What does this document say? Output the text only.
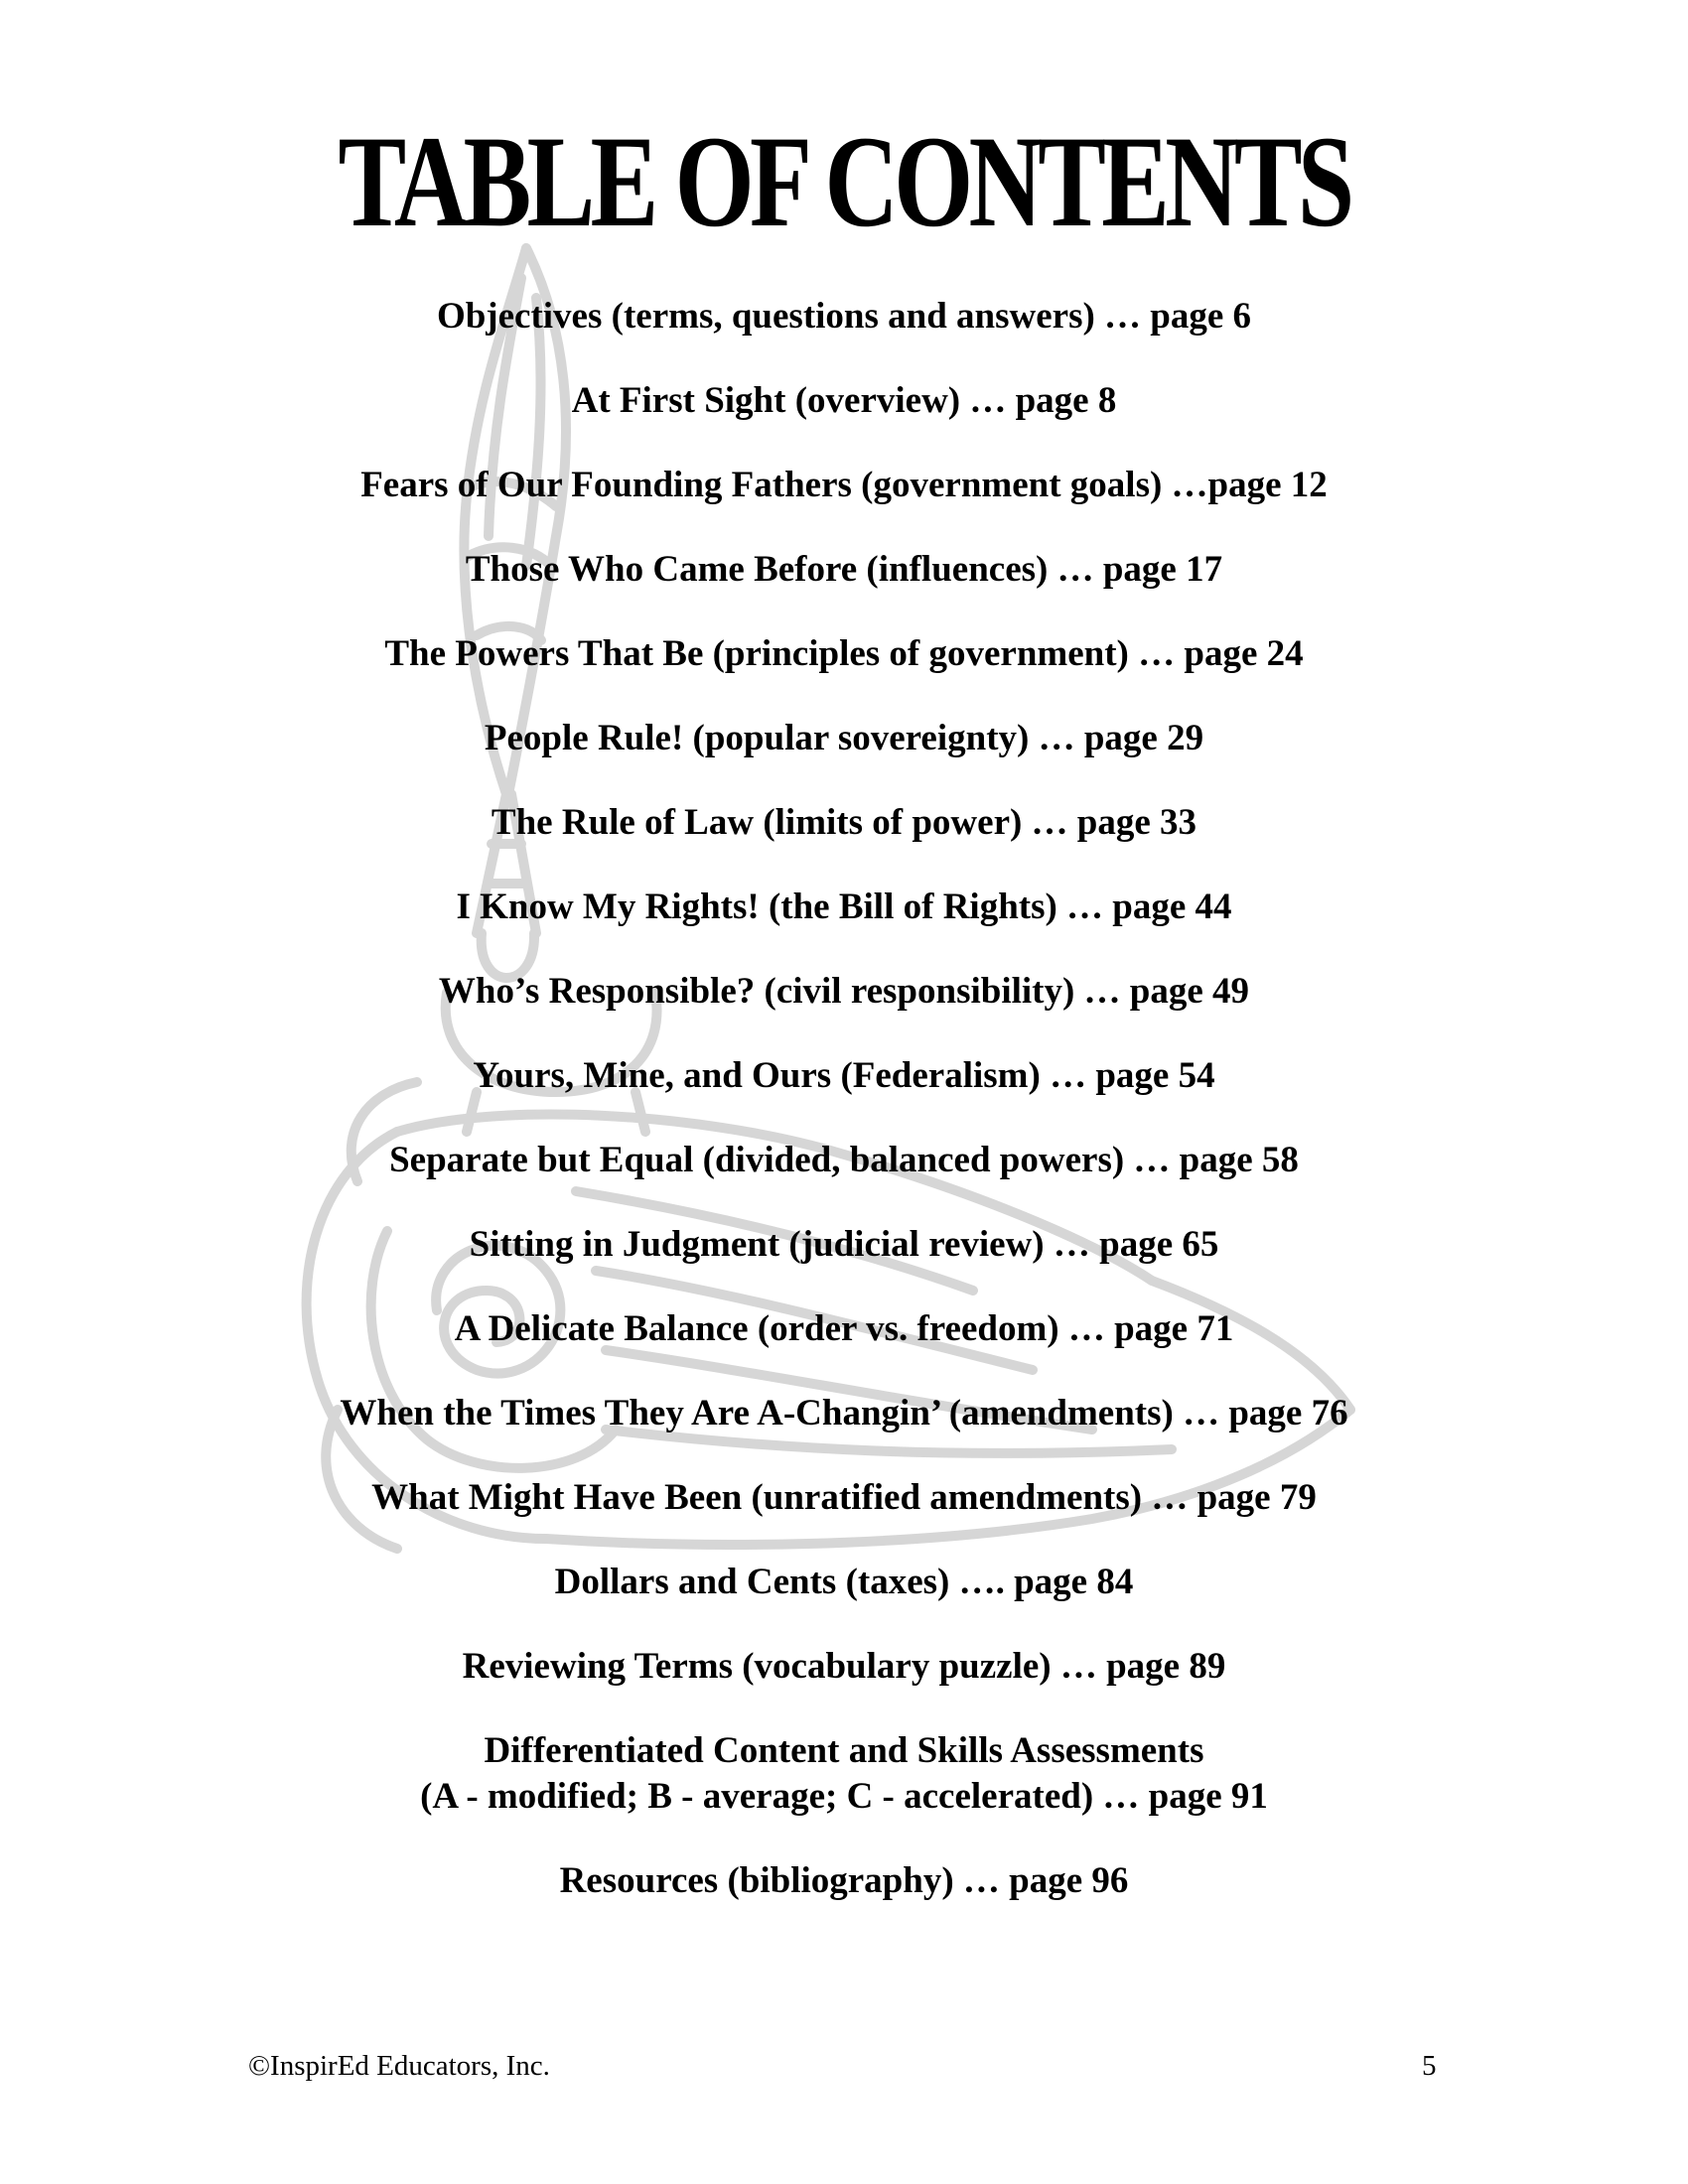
TABLE OF CONTENTS
Objectives (terms, questions and answers) … page 6
At First Sight (overview) … page 8
Fears of Our Founding Fathers (government goals) …page 12
Those Who Came Before (influences) … page 17
The Powers That Be (principles of government) … page 24
People Rule! (popular sovereignty) … page 29
The Rule of Law (limits of power) … page 33
I Know My Rights! (the Bill of Rights) … page 44
Who’s Responsible? (civil responsibility) … page 49
Yours, Mine, and Ours (Federalism) … page 54
Separate but Equal (divided, balanced powers) … page 58
Sitting in Judgment (judicial review) … page 65
A Delicate Balance (order vs. freedom) … page 71
When the Times They Are A-Changin’ (amendments) … page 76
What Might Have Been (unratified amendments) … page 79
Dollars and Cents (taxes) …. page 84
Reviewing Terms (vocabulary puzzle) … page 89
Differentiated Content and Skills Assessments
(A - modified; B - average; C - accelerated) … page 91
Resources (bibliography) … page 96
©InspirEd Educators, Inc.	5
